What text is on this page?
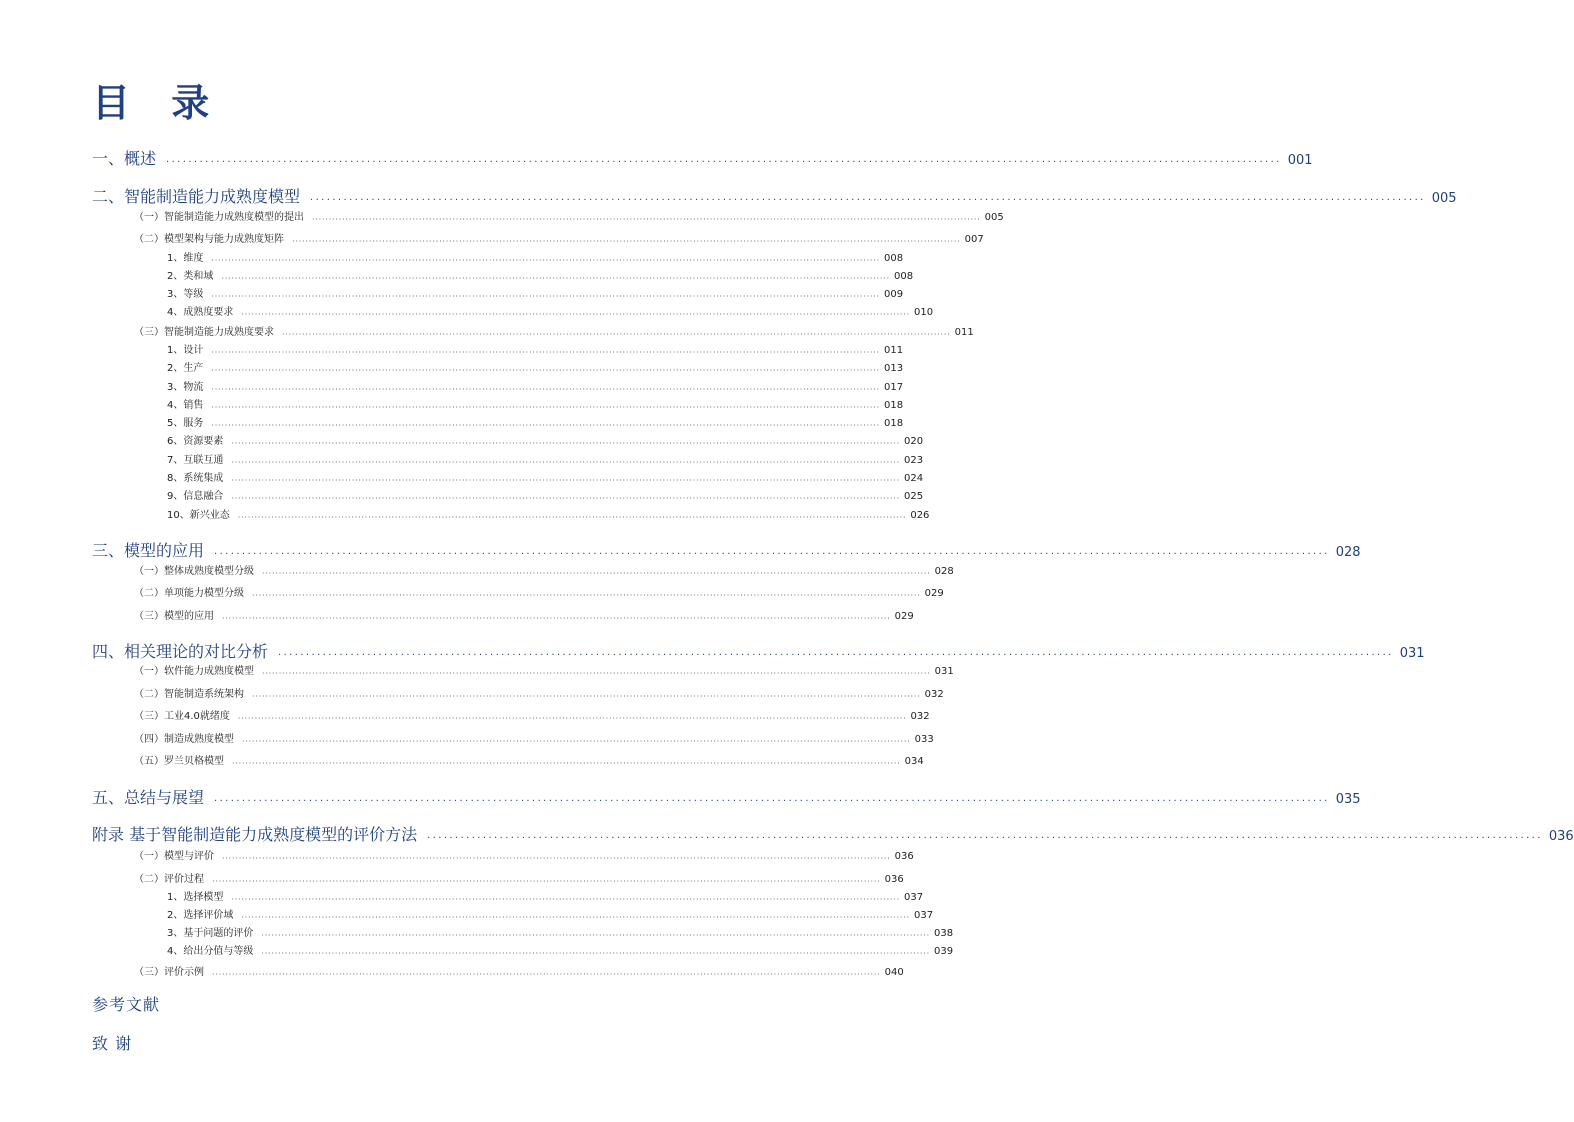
目 录
一、概述 ········································································································································································································ 001
二、智能制造能力成熟度模型 ········································································································································································································ 005
（一）智能制造能力成熟度模型的提出 ········································································································································································································ 005
（二）模型架构与能力成熟度矩阵 ········································································································································································································ 007
1、维度 ········································································································································································································ 008
2、类和域 ········································································································································································································ 008
3、等级 ········································································································································································································ 009
4、成熟度要求 ········································································································································································································ 010
（三）智能制造能力成熟度要求 ········································································································································································································ 011
1、设计 ········································································································································································································ 011
2、生产 ········································································································································································································ 013
3、物流 ········································································································································································································ 017
4、销售 ········································································································································································································ 018
5、服务 ········································································································································································································ 018
6、资源要素 ········································································································································································································ 020
7、互联互通 ········································································································································································································ 023
8、系统集成 ········································································································································································································ 024
9、信息融合 ········································································································································································································ 025
10、新兴业态 ········································································································································································································ 026
三、模型的应用 ········································································································································································································ 028
（一）整体成熟度模型分级 ········································································································································································································ 028
（二）单项能力模型分级 ········································································································································································································ 029
（三）模型的应用 ········································································································································································································ 029
四、相关理论的对比分析 ········································································································································································································ 031
（一）软件能力成熟度模型 ········································································································································································································ 031
（二）智能制造系统架构 ········································································································································································································ 032
（三）工业4.0就绪度 ········································································································································································································ 032
（四）制造成熟度模型 ········································································································································································································ 033
（五）罗兰贝格模型 ········································································································································································································ 034
五、总结与展望 ········································································································································································································ 035
附录 基于智能制造能力成熟度模型的评价方法 ········································································································································································································ 036
（一）模型与评价 ········································································································································································································ 036
（二）评价过程 ········································································································································································································ 036
1、选择模型 ········································································································································································································ 037
2、选择评价域 ········································································································································································································ 037
3、基于问题的评价 ········································································································································································································ 038
4、给出分值与等级 ········································································································································································································ 039
（三）评价示例 ········································································································································································································ 040
参考文献
致 谢
